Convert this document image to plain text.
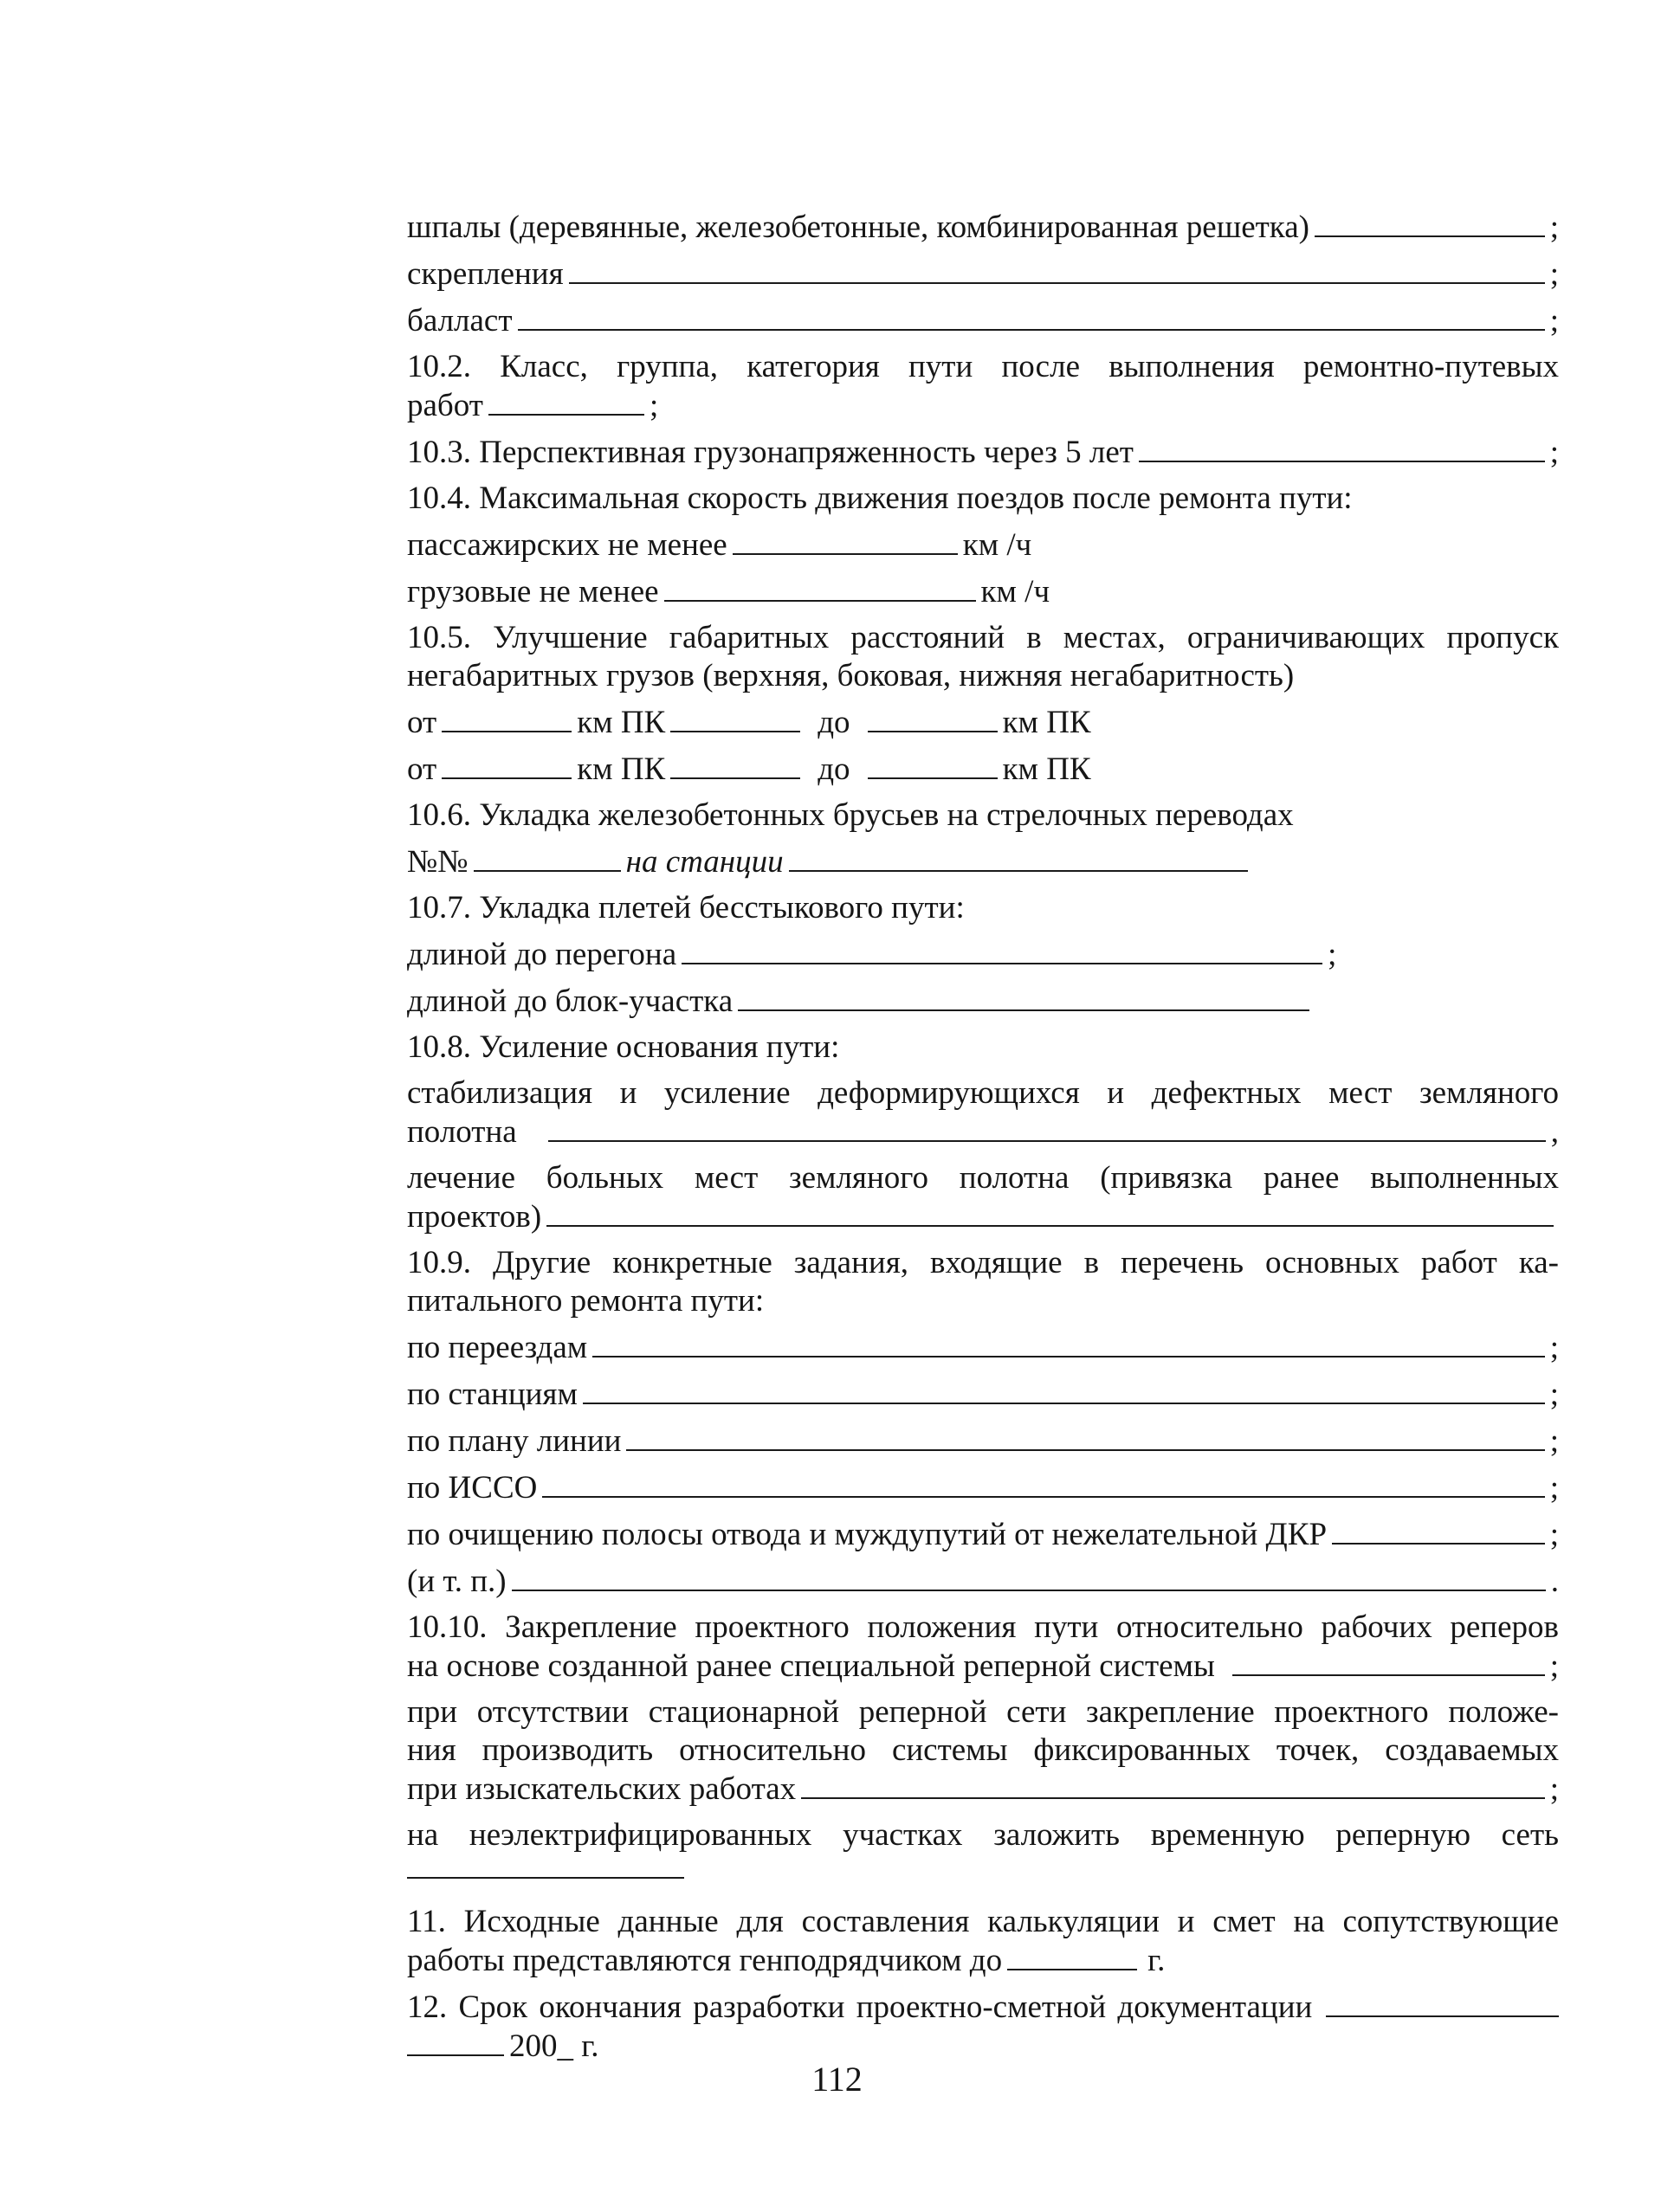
шпалы (деревянные, железобетонные, комбинированная решетка)	;
скрепления	;
балласт	;
10.2. Класс, группа, категория пути после выполнения ремонтно-путевых
работ	;
10.3. Перспективная грузонапряженность через 5 лет	;
10.4. Максимальная скорость движения поездов после ремонта пути:
пассажирских не менее	км /ч
грузовые не менее	км /ч
10.5. Улучшение габаритных расстояний в местах, ограничивающих пропуск
негабаритных грузов (верхняя, боковая, нижняя негабаритность)
от	км ПК	до	км ПК
от	км ПК	до	км ПК
10.6. Укладка железобетонных брусьев на стрелочных переводах
№№	на станции
10.7. Укладка плетей бесстыкового пути:
длиной до перегона	;
длиной до блок-участка
10.8. Усиление основания пути:
стабилизация и усиление деформирующихся и дефектных мест земляного
полотна	,
лечение больных мест земляного полотна (привязка ранее выполненных
проектов)
10.9. Другие конкретные задания, входящие в перечень основных работ ка-
питального ремонта пути:
по переездам	;
по станциям	;
по плану линии	;
по ИССО	;
по очищению полосы отвода и муждупутий от нежелательной ДКР	;
(и т. п.)	.
10.10. Закрепление проектного положения пути относительно рабочих реперов
на основе созданной ранее специальной реперной системы	;
при отсутствии стационарной реперной сети закрепление проектного положе-
ния производить относительно системы фиксированных точек, создаваемых
при изыскательских работах	;
на неэлектрифицированных участках заложить временную реперную сеть
11. Исходные данные для составления калькуляции и смет на сопутствующие
работы представляются генподрядчиком до	г.
12. Срок окончания разработки проектно-сметной документации
200_ г.
112
